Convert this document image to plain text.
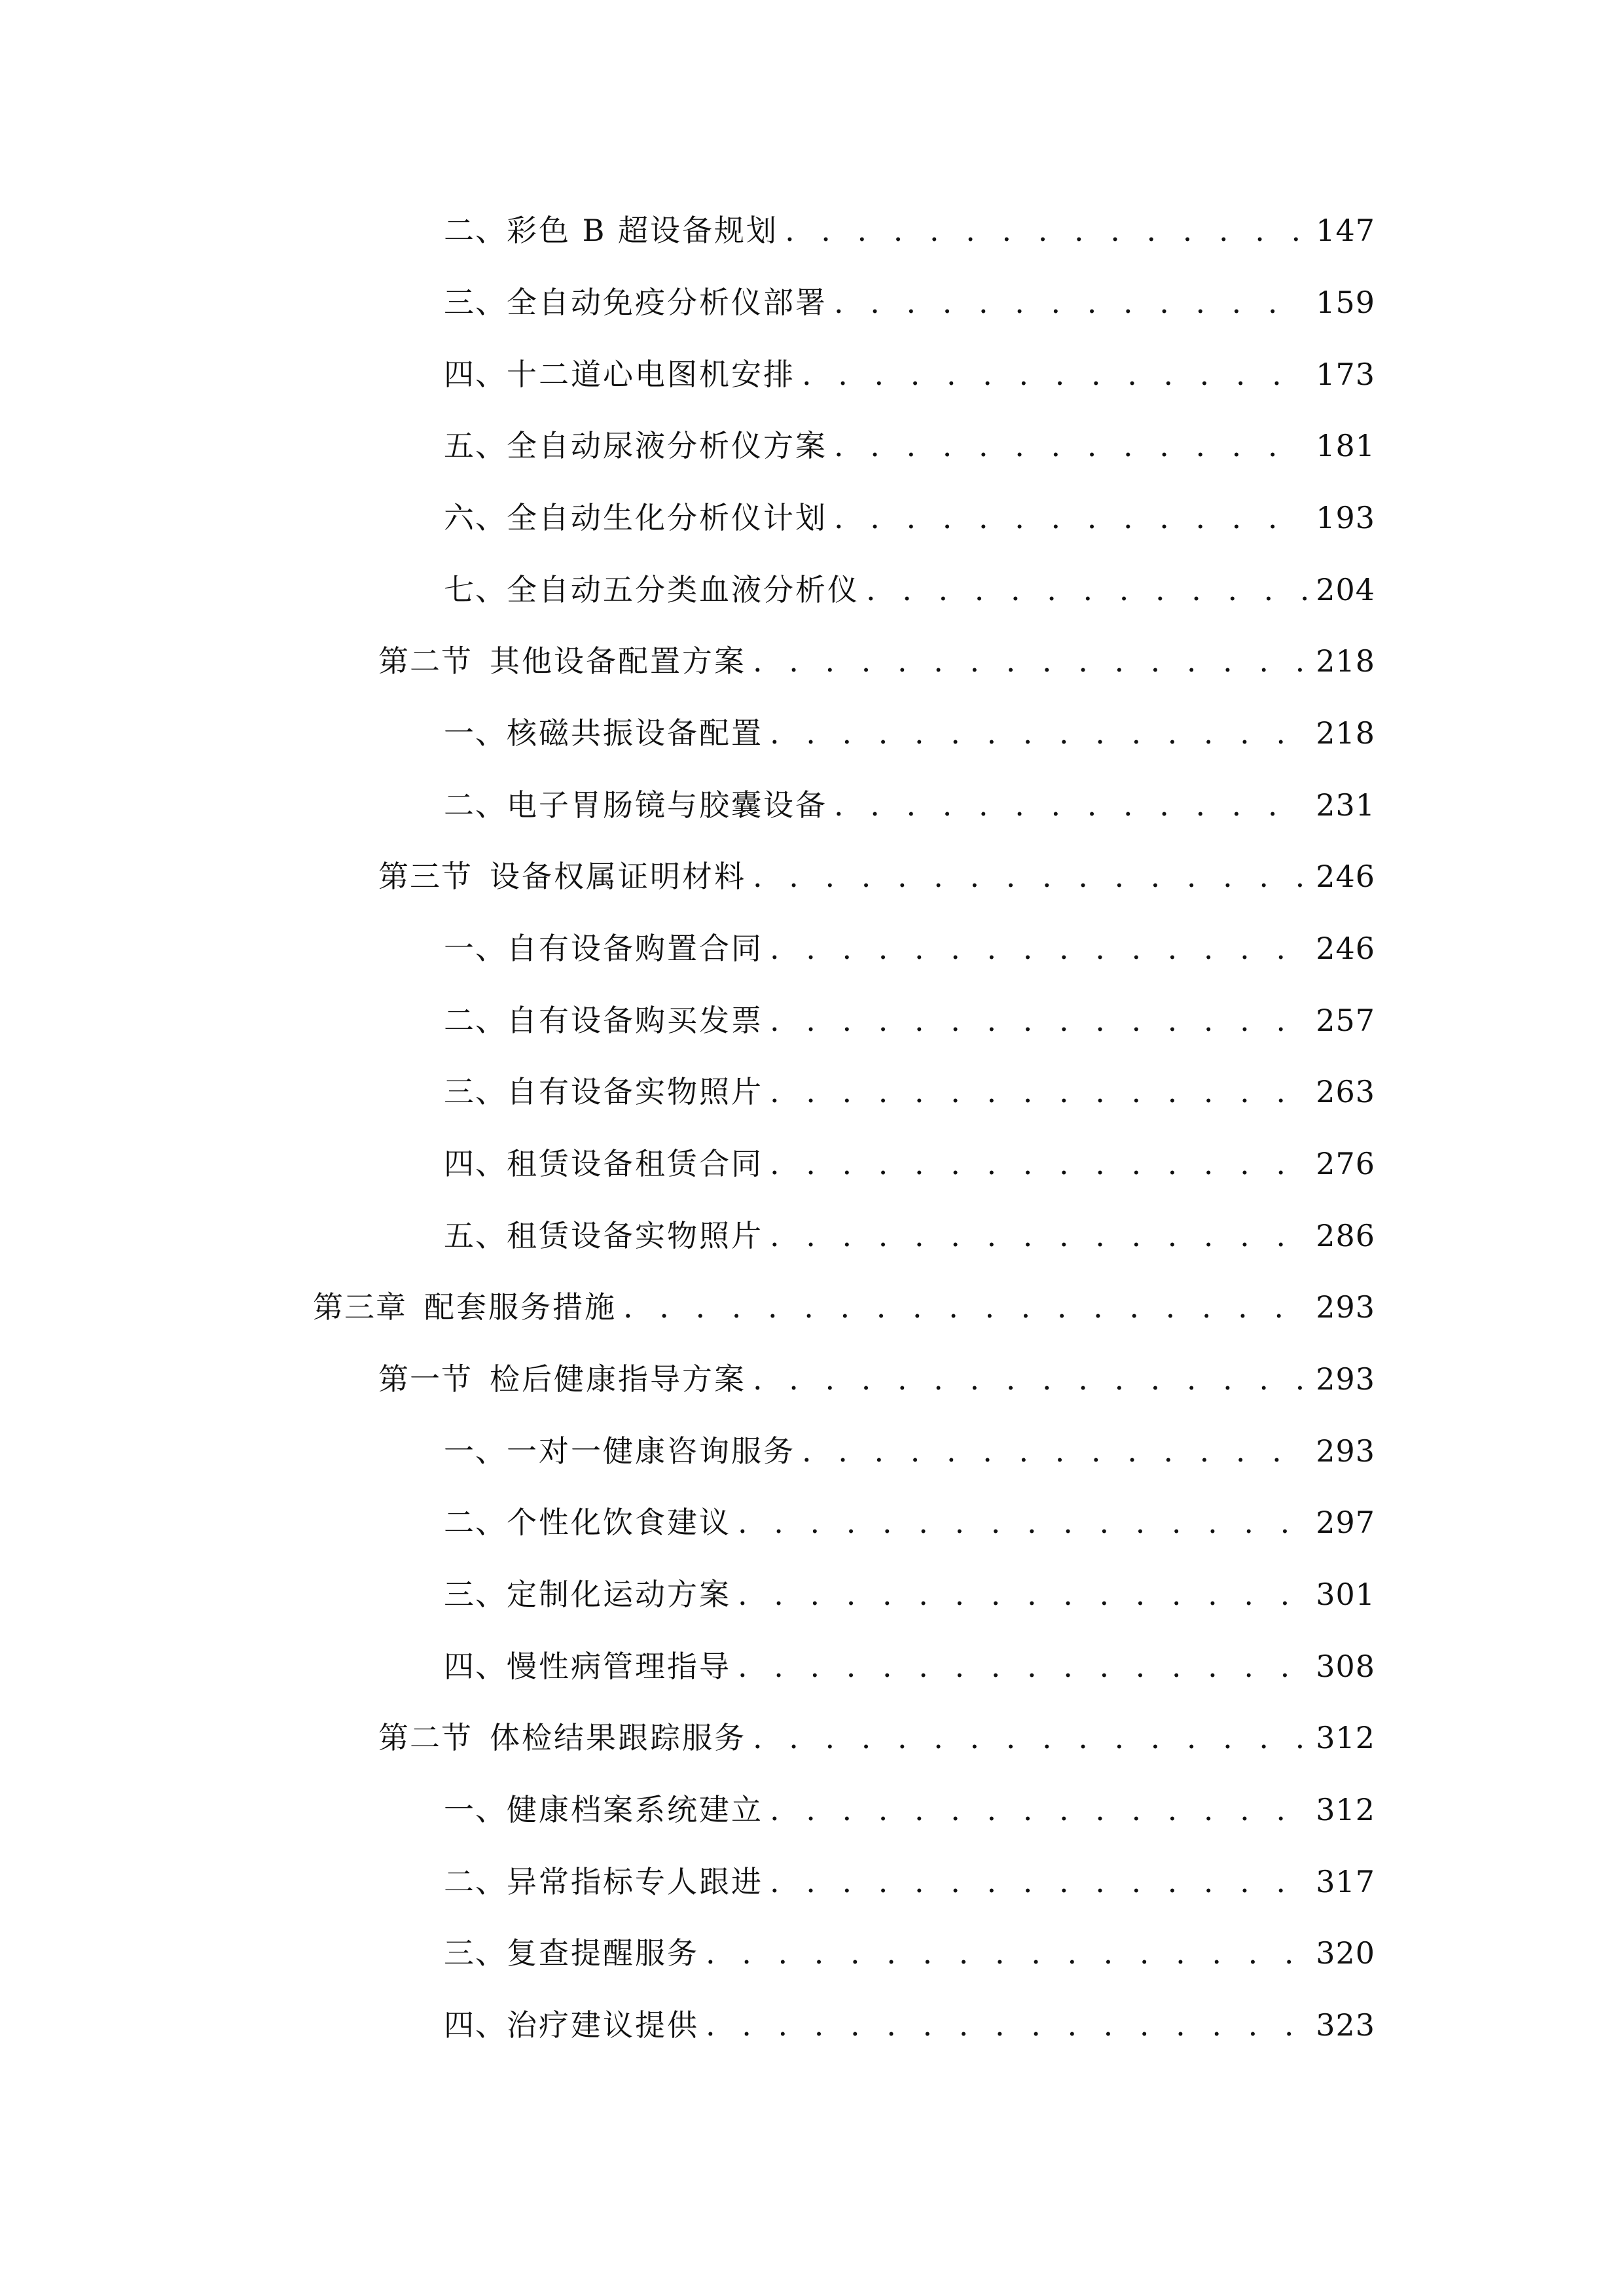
二、 彩色 B 超设备规划 . . .	147
三、 全自动免疫分析仪部署 . . .	159
四、 十二道心电图机安排 . . .	173
五、 全自动尿液分析仪方案 . . .	181
六、 全自动生化分析仪计划 . . .	193
七、 全自动五分类血液分析仪 . . .	204
第二节 其他设备配置方案 . . .	218
一、 核磁共振设备配置 . . .	218
二、 电子胃肠镜与胶囊设备 . . .	231
第三节 设备权属证明材料 . . .	246
一、 自有设备购置合同 . . .	246
二、 自有设备购买发票 . . .	257
三、 自有设备实物照片 . . .	263
四、 租赁设备租赁合同 . . .	276
五、 租赁设备实物照片 . . .	286
第三章 配套服务措施 . . .	293
第一节 检后健康指导方案 . . .	293
一、 一对一健康咨询服务 . . .	293
二、 个性化饮食建议 . . .	297
三、 定制化运动方案 . . .	301
四、 慢性病管理指导 . . .	308
第二节 体检结果跟踪服务 . . .	312
一、 健康档案系统建立 . . .	312
二、 异常指标专人跟进 . . .	317
三、 复查提醒服务 . . .	320
四、 治疗建议提供 . . .	323
